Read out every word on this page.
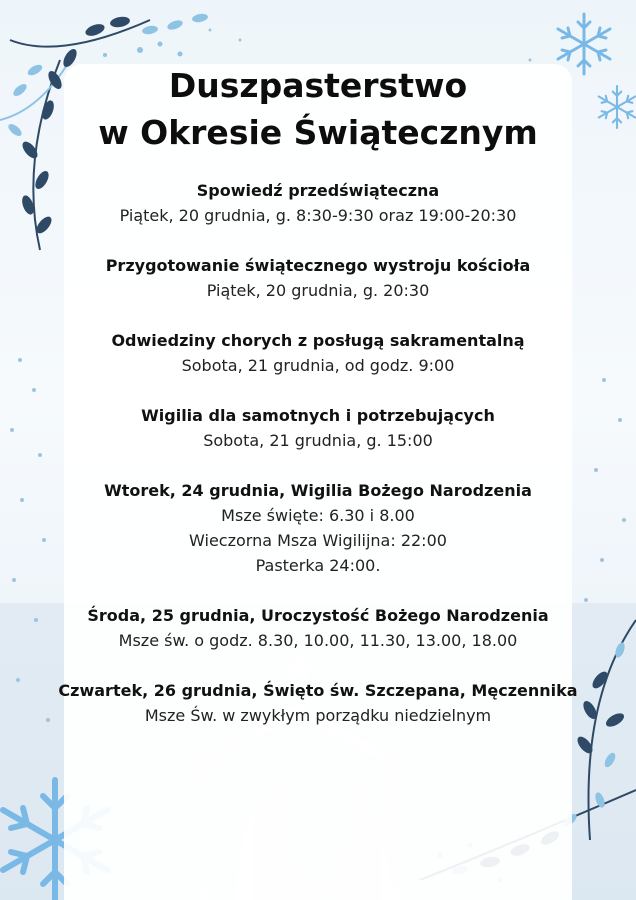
Duszpasterstwo
w Okresie Świątecznym
Spowiedź przedświąteczna
Piątek, 20 grudnia, g. 8:30-9:30 oraz 19:00-20:30
Przygotowanie świątecznego wystroju kościoła
Piątek, 20 grudnia, g. 20:30
Odwiedziny chorych z posługą sakramentalną
Sobota, 21 grudnia, od godz. 9:00
Wigilia dla samotnych i potrzebujących
Sobota, 21 grudnia, g. 15:00
Wtorek, 24 grudnia, Wigilia Bożego Narodzenia
Msze święte: 6.30 i 8.00
Wieczorna Msza Wigilijna: 22:00
Pasterka 24:00.
Środa, 25 grudnia, Uroczystość Bożego Narodzenia
Msze św. o godz. 8.30, 10.00, 11.30, 13.00, 18.00
Czwartek, 26 grudnia, Święto św. Szczepana, Męczennika
Msze Św. w zwykłym porządku niedzielnym
